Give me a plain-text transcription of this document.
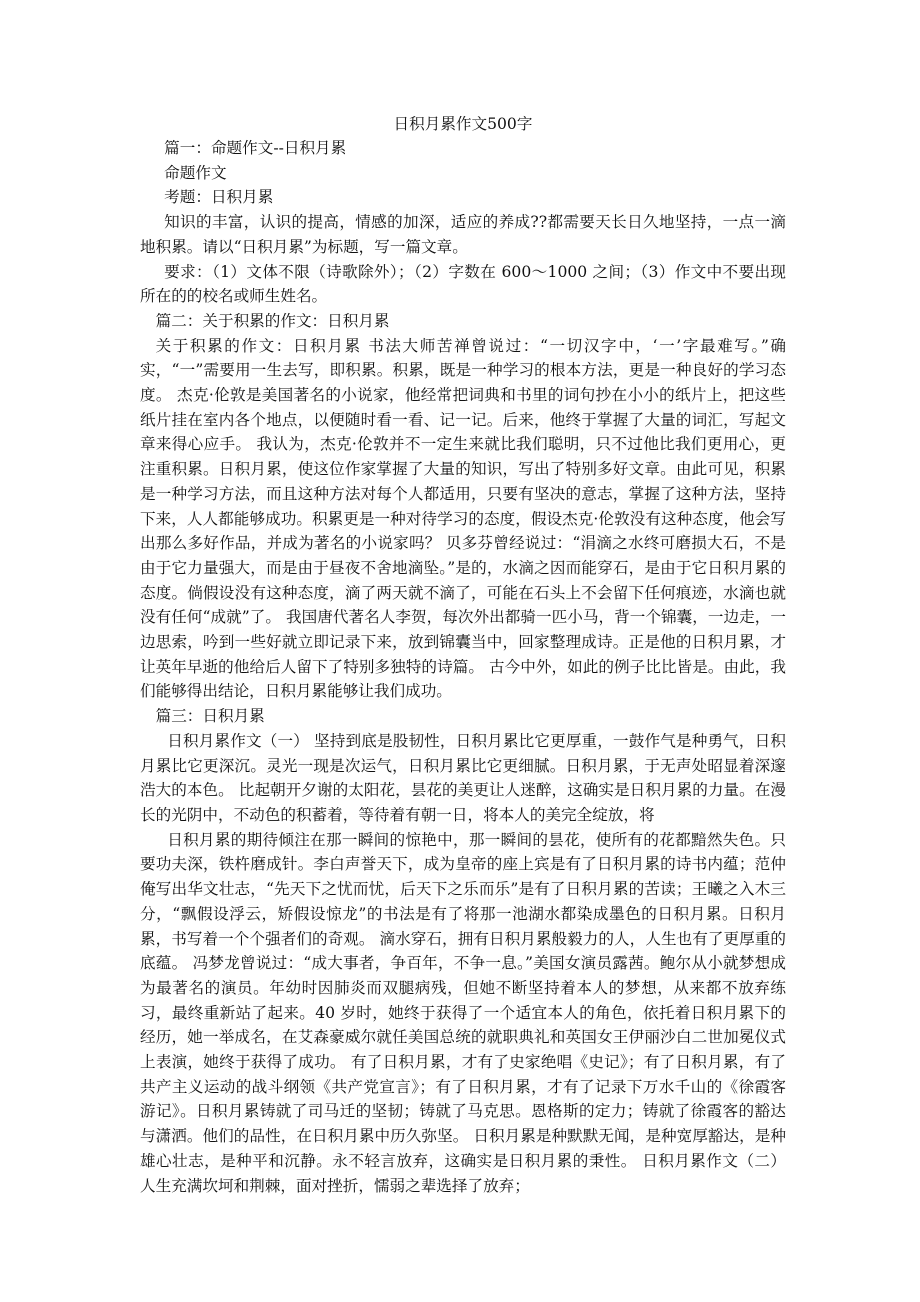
日积月累作文500字

篇一：命题作文--日积月累

命题作文

考题：日积月累

知识的丰富，认识的提高，情感的加深，适应的养成??都需要天长日久地坚持，一点一滴地积累。请以“日积月累”为标题，写一篇文章。

要求：（1）文体不限（诗歌除外）；（2）字数在 600～1000 之间；（3）作文中不要出现所在的的校名或师生姓名。

篇二：关于积累的作文：日积月累

关于积累的作文：日积月累 书法大师苦禅曾说过：“一切汉字中，‘一’字最难写。”确实，“一”需要用一生去写，即积累。积累，既是一种学习的根本方法，更是一种良好的学习态度。 杰克·伦敦是美国著名的小说家，他经常把词典和书里的词句抄在小小的纸片上，把这些纸片挂在室内各个地点，以便随时看一看、记一记。后来，他终于掌握了大量的词汇，写起文章来得心应手。 我认为，杰克·伦敦并不一定生来就比我们聪明，只不过他比我们更用心，更注重积累。日积月累，使这位作家掌握了大量的知识，写出了特别多好文章。由此可见，积累是一种学习方法，而且这种方法对每个人都适用，只要有坚决的意志，掌握了这种方法，坚持下来，人人都能够成功。积累更是一种对待学习的态度，假设杰克·伦敦没有这种态度，他会写出那么多好作品，并成为著名的小说家吗？ 贝多芬曾经说过：“涓滴之水终可磨损大石，不是由于它力量强大，而是由于昼夜不舍地滴坠。”是的，水滴之因而能穿石，是由于它日积月累的态度。倘假设没有这种态度，滴了两天就不滴了，可能在石头上不会留下任何痕迹，水滴也就没有任何“成就”了。 我国唐代著名人李贺，每次外出都骑一匹小马，背一个锦囊，一边走，一边思索，吟到一些好就立即记录下来，放到锦囊当中，回家整理成诗。正是他的日积月累，才让英年早逝的他给后人留下了特别多独特的诗篇。 古今中外，如此的例子比比皆是。由此，我们能够得出结论，日积月累能够让我们成功。

篇三：日积月累

日积月累作文（一） 坚持到底是股韧性，日积月累比它更厚重，一鼓作气是种勇气，日积月累比它更深沉。灵光一现是次运气，日积月累比它更细腻。日积月累，于无声处昭显着深邃浩大的本色。 比起朝开夕谢的太阳花，昙花的美更让人迷醉，这确实是日积月累的力量。在漫长的光阴中，不动色的积蓄着，等待着有朝一日，将本人的美完全绽放，将

日积月累的期待倾注在那一瞬间的惊艳中，那一瞬间的昙花，使所有的花都黯然失色。只要功夫深，铁杵磨成针。李白声誉天下，成为皇帝的座上宾是有了日积月累的诗书内蕴；范仲俺写出华文壮志，“先天下之忧而忧，后天下之乐而乐”是有了日积月累的苦读；王曦之入木三分，“飘假设浮云，矫假设惊龙”的书法是有了将那一池湖水都染成墨色的日积月累。日积月累，书写着一个个强者们的奇观。 滴水穿石，拥有日积月累般毅力的人，人生也有了更厚重的底蕴。 冯梦龙曾说过：“成大事者，争百年，不争一息。”美国女演员露茜。鲍尔从小就梦想成为最著名的演员。年幼时因肺炎而双腿病残，但她不断坚持着本人的梦想，从来都不放弃练习，最终重新站了起来。40 岁时，她终于获得了一个适宜本人的角色，依托着日积月累下的经历，她一举成名，在艾森豪威尔就任美国总统的就职典礼和英国女王伊丽沙白二世加冕仪式上表演，她终于获得了成功。 有了日积月累，才有了史家绝唱《史记》；有了日积月累，有了共产主义运动的战斗纲领《共产党宣言》；有了日积月累，才有了记录下万水千山的《徐霞客游记》。日积月累铸就了司马迁的坚韧；铸就了马克思。恩格斯的定力；铸就了徐霞客的豁达与潇洒。他们的品性，在日积月累中历久弥坚。 日积月累是种默默无闻，是种宽厚豁达，是种雄心壮志，是种平和沉静。永不轻言放弃，这确实是日积月累的秉性。 日积月累作文（二） 人生充满坎坷和荆棘，面对挫折，懦弱之辈选择了放弃；
